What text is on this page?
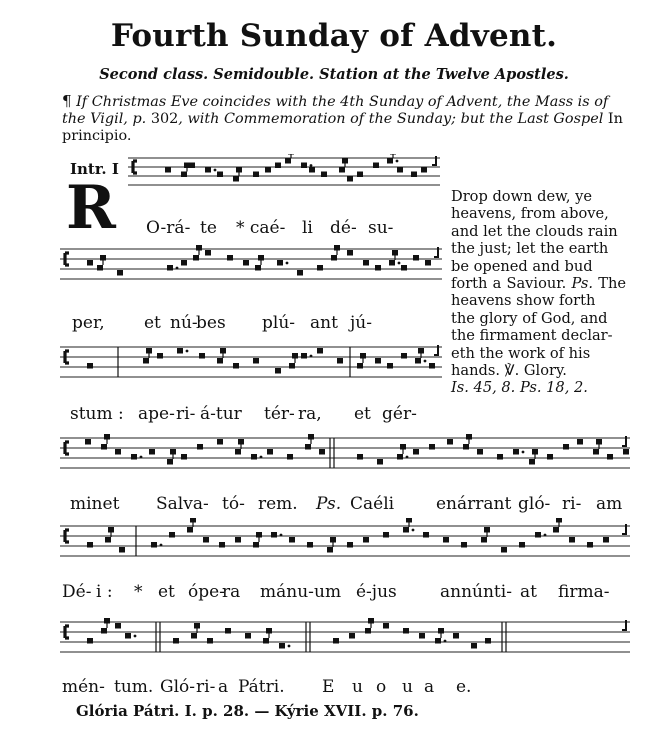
Fourth Sunday of Advent.
Second class. Semidouble. Station at the Twelve Apostles.
¶ If Christmas Eve coincides with the 4th Sunday of Advent, the Mass is of the Vigil, p. 302, with Commemoration of the Sunday; but the Last Gospel In principio.
Intr. I
R O-rá- te * caé- li dé- su-
per, et nú-
bes plú- ant jú-
stum : ape- ri- á-tur tér- ra, et gér-
minet Salva- tó- rem. Ps. Caéli enárrant gló- ri- am
Dé- i : * et ópe-
ra mánu- um é-jus	annúnti- at firma-
mén- tum. Gló- ri- a Pátri. E u o u a e.
Drop down dew, ye
heavens, from above,
and let the clouds rain
the just; let the earth
be opened and bud
forth a Saviour. Ps. The heavens show forth
the glory of God, and
the firmament declar-
eth the work of his
hands. ℣. Glory.
Is. 45, 8. Ps. 18, 2.
Glória Pátri. I. p. 28. — Kýrie XVII. p. 76.
